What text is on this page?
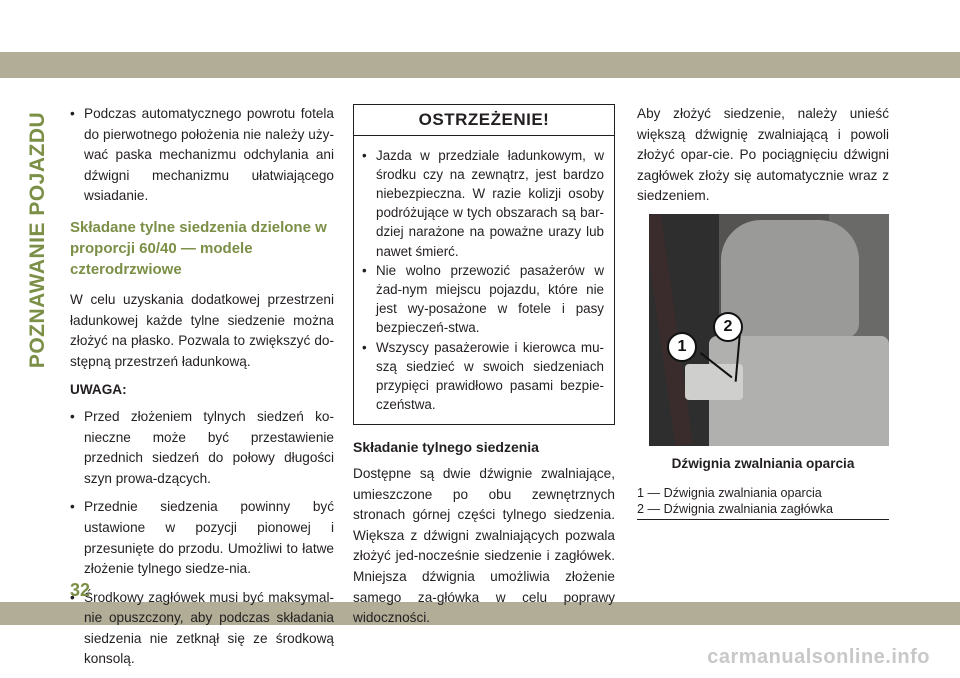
POZNAWANIE POJAZDU

•	Podczas automatycznego powrotu fotela do pierwotnego położenia nie należy uży-wać paska mechanizmu odchylania ani dźwigni mechanizmu ułatwiającego wsiadanie.

Składane tylne siedzenia dzielone w proporcji 60/40 — modele czterodrzwiowe

W celu uzyskania dodatkowej przestrzeni ładunkowej każde tylne siedzenie można złożyć na płasko. Pozwala to zwiększyć do-stępną przestrzeń ładunkową.

UWAGA:

• Przed złożeniem tylnych siedzeń ko-nieczne może być przestawienie przednich siedzeń do połowy długości szyn prowa-dzących.

• Przednie siedzenia powinny być ustawione w pozycji pionowej i przesunięte do przodu. Umożliwi to łatwe złożenie tylnego siedze-nia.

• Środkowy zagłówek musi być maksymal-nie opuszczony, aby podczas składania siedzenia nie zetknął się ze środkową konsolą.

OSTRZEŻENIE!

• Jazda w przedziale ładunkowym, w środku czy na zewnątrz, jest bardzo niebezpieczna. W razie kolizji osoby podróżujące w tych obszarach są bar-dziej narażone na poważne urazy lub nawet śmierć.

• Nie wolno przewozić pasażerów w żad-nym miejscu pojazdu, które nie jest wy-posażone w fotele i pasy bezpieczeń-stwa.

• Wszyscy pasażerowie i kierowca mu-szą siedzieć w swoich siedzeniach przypięci prawidłowo pasami bezpie-czeństwa.

Składanie tylnego siedzenia

Dostępne są dwie dźwignie zwalniające, umieszczone po obu zewnętrznych stronach górnej części tylnego siedzenia. Większa z dźwigni zwalniających pozwala złożyć jed-nocześnie siedzenie i zagłówek. Mniejsza dźwignia umożliwia złożenie samego za-główka w celu poprawy widoczności.

Aby złożyć siedzenie, należy unieść większą dźwignię zwalniającą i powoli złożyć opar-cie. Po pociągnięciu dźwigni zagłówek złoży się automatycznie wraz z siedzeniem.

1
2
Dźwignia zwalniania oparcia
1 — Dźwignia zwalniania oparcia
2 — Dźwignia zwalniania zagłówka
32
carmanualsonline.info
